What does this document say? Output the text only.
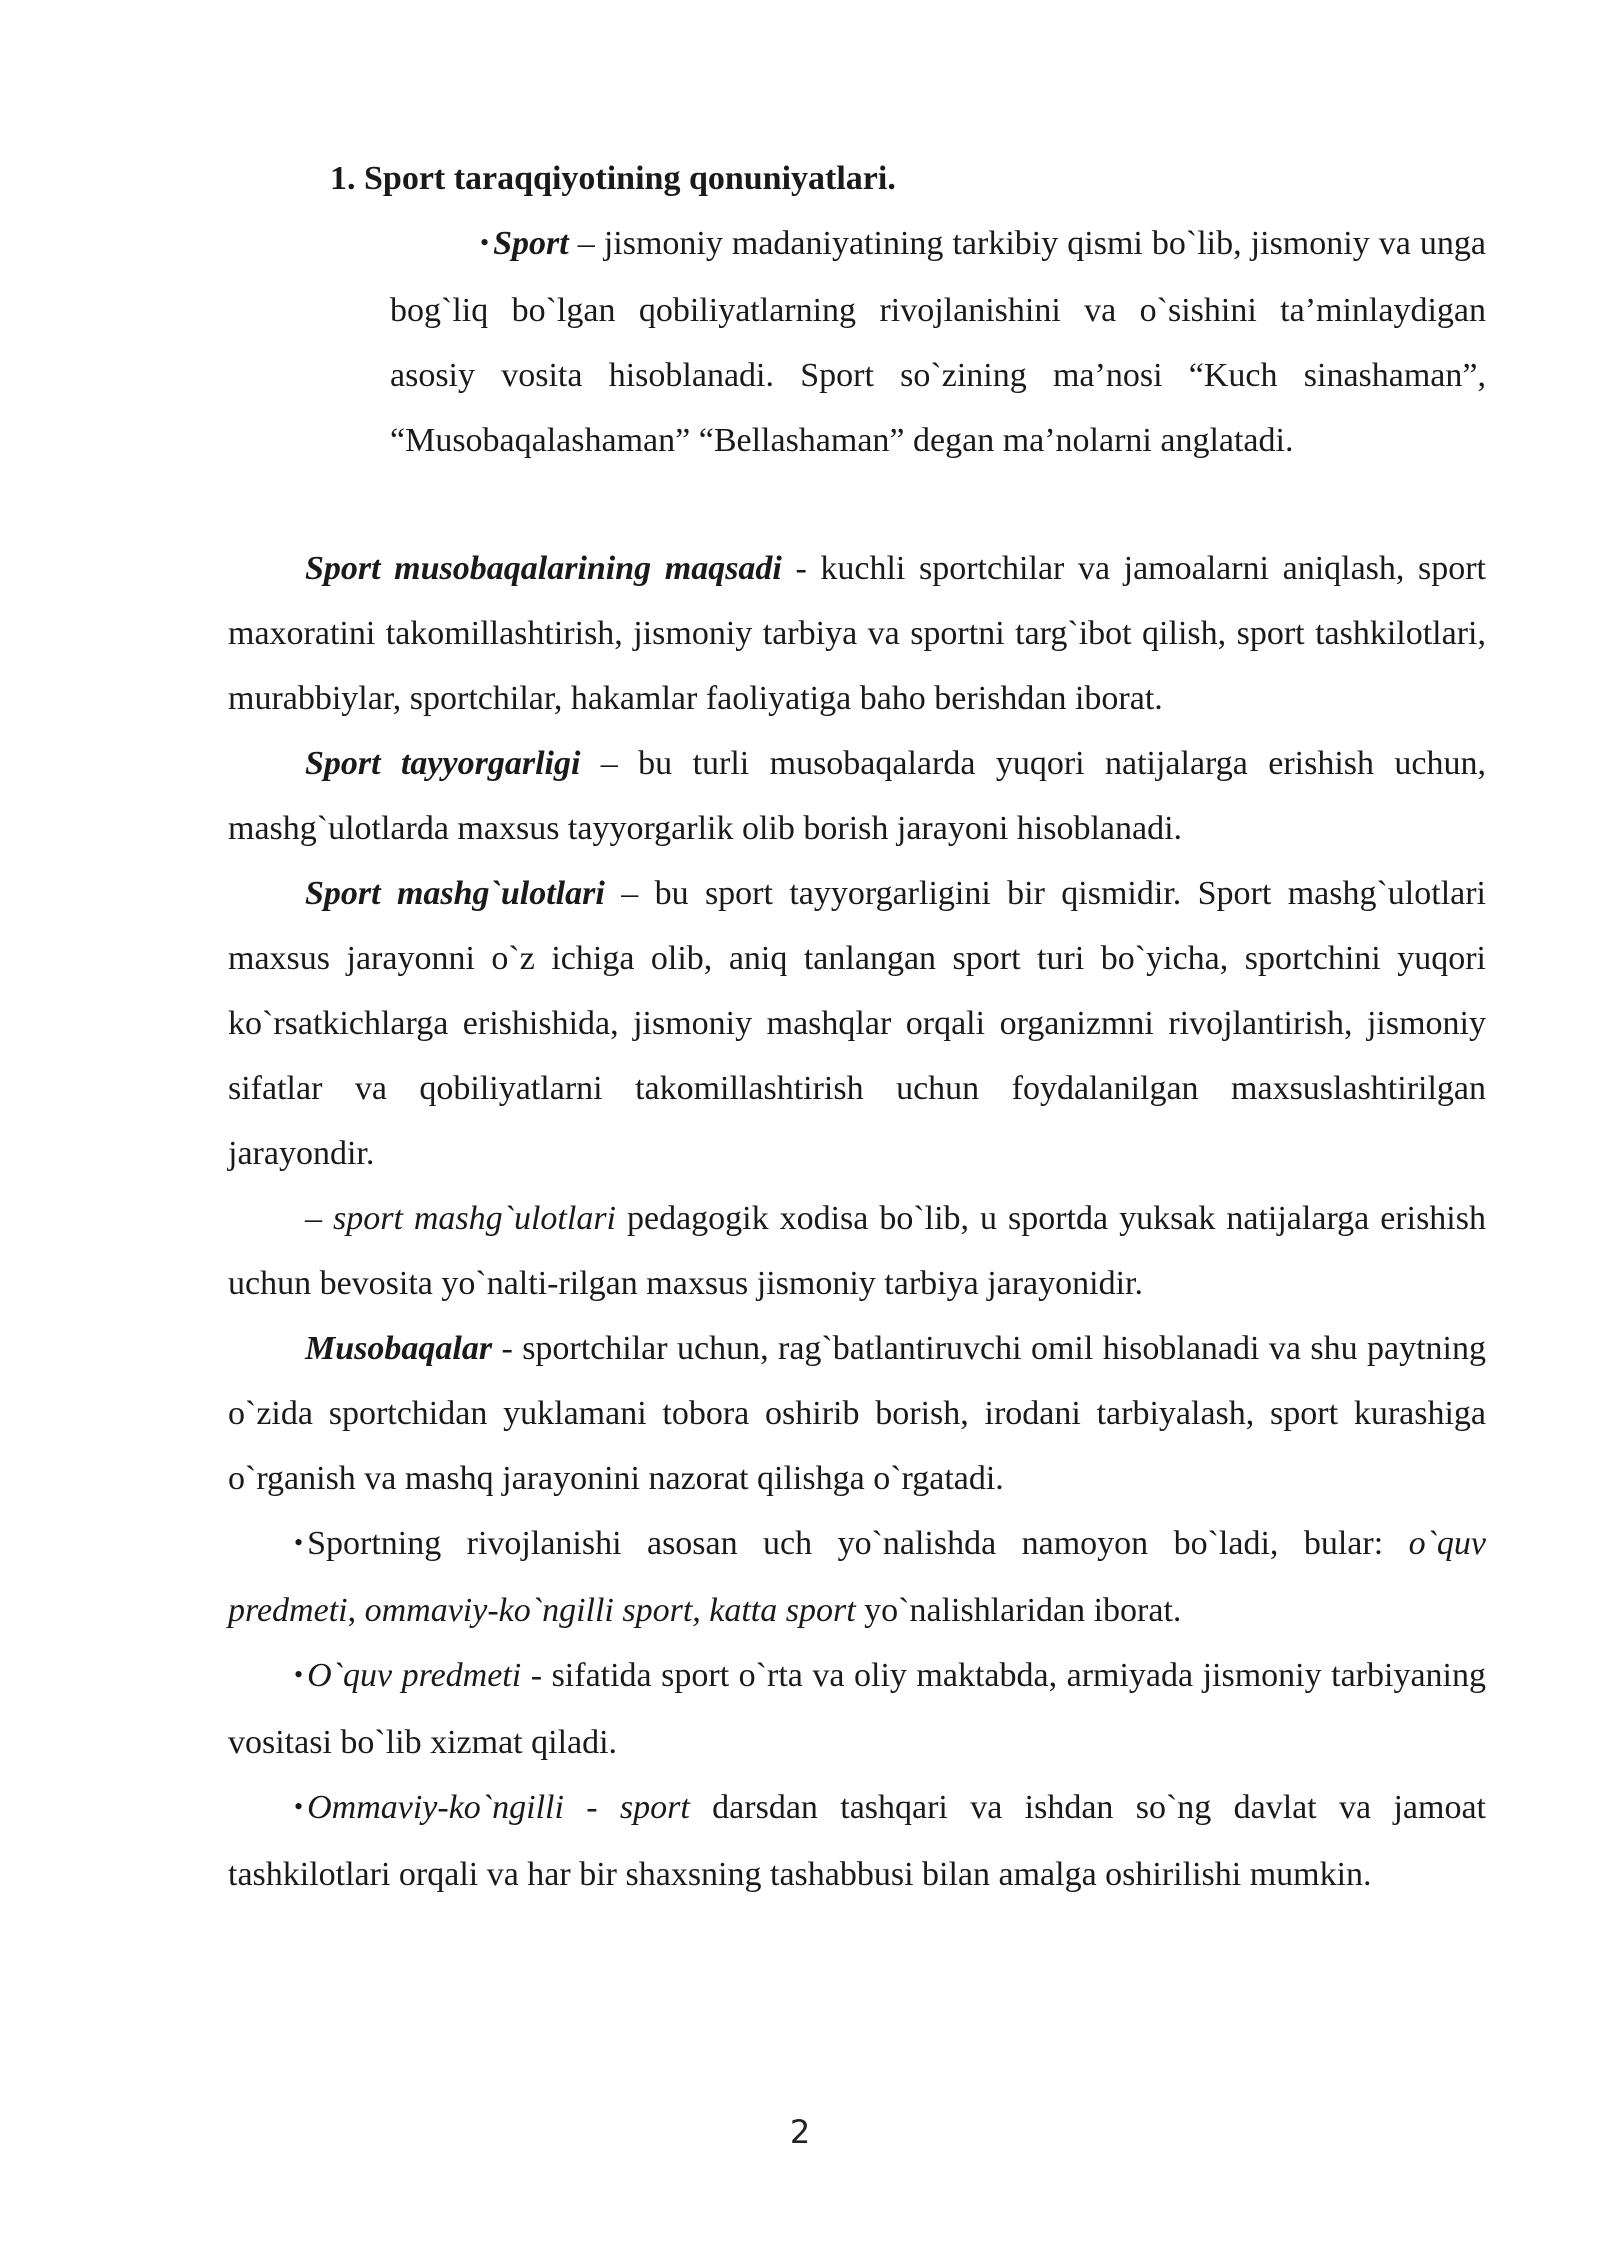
1. Sport taraqqiyotining qonuniyatlari.

• Sport – jismoniy madaniyatining tarkibiy qismi bo`lib, jismoniy va unga bog`liq bo`lgan qobiliyatlarning rivojlanishini va o`sishini ta’minlaydigan asosiy vosita hisoblanadi. Sport so`zining ma’nosi “Kuch sinashaman”, “Musobaqalashaman” “Bellashaman” degan ma’nolarni anglatadi.

Sport musobaqalarining maqsadi - kuchli sportchilar va jamoalarni aniqlash, sport maxoratini takomillashtirish, jismoniy tarbiya va sportni targ`ibot qilish, sport tashkilotlari, murabbiylar, sportchilar, hakamlar faoliyatiga baho berishdan iborat.

Sport tayyorgarligi – bu turli musobaqalarda yuqori natijalarga erishish uchun, mashg`ulotlarda maxsus tayyorgarlik olib borish jarayoni hisoblanadi.

Sport mashg`ulotlari – bu sport tayyorgarligini bir qismidir. Sport mashg`ulotlari maxsus jarayonni o`z ichiga olib, aniq tanlangan sport turi bo`yicha, sportchini yuqori ko`rsatkichlarga erishishida, jismoniy mashqlar orqali organizmni rivojlantirish, jismoniy sifatlar va qobiliyatlarni takomillashtirish uchun foydalanilgan maxsuslashtirilgan jarayondir.

– sport mashg`ulotlari pedagogik xodisa bo`lib, u sportda yuksak natijalarga erishish uchun bevosita yo`nalti-rilgan maxsus jismoniy tarbiya jarayonidir.

Musobaqalar - sportchilar uchun, rag`batlantiruvchi omil hisoblanadi va shu paytning o`zida sportchidan yuklamani tobora oshirib borish, irodani tarbiyalash, sport kurashiga o`rganish va mashq jarayonini nazorat qilishga o`rgatadi.

• Sportning rivojlanishi asosan uch yo`nalishda namoyon bo`ladi, bular: o`quv predmeti, ommaviy-ko`ngilli sport, katta sport yo`nalishlaridan iborat.

• O`quv predmeti - sifatida sport o`rta va oliy maktabda, armiyada jismoniy tarbiyaning vositasi bo`lib xizmat qiladi.

• Ommaviy-ko`ngilli - sport darsdan tashqari va ishdan so`ng davlat va jamoat tashkilotlari orqali va har bir shaxsning tashabbusi bilan amalga oshirilishi mumkin.

2
